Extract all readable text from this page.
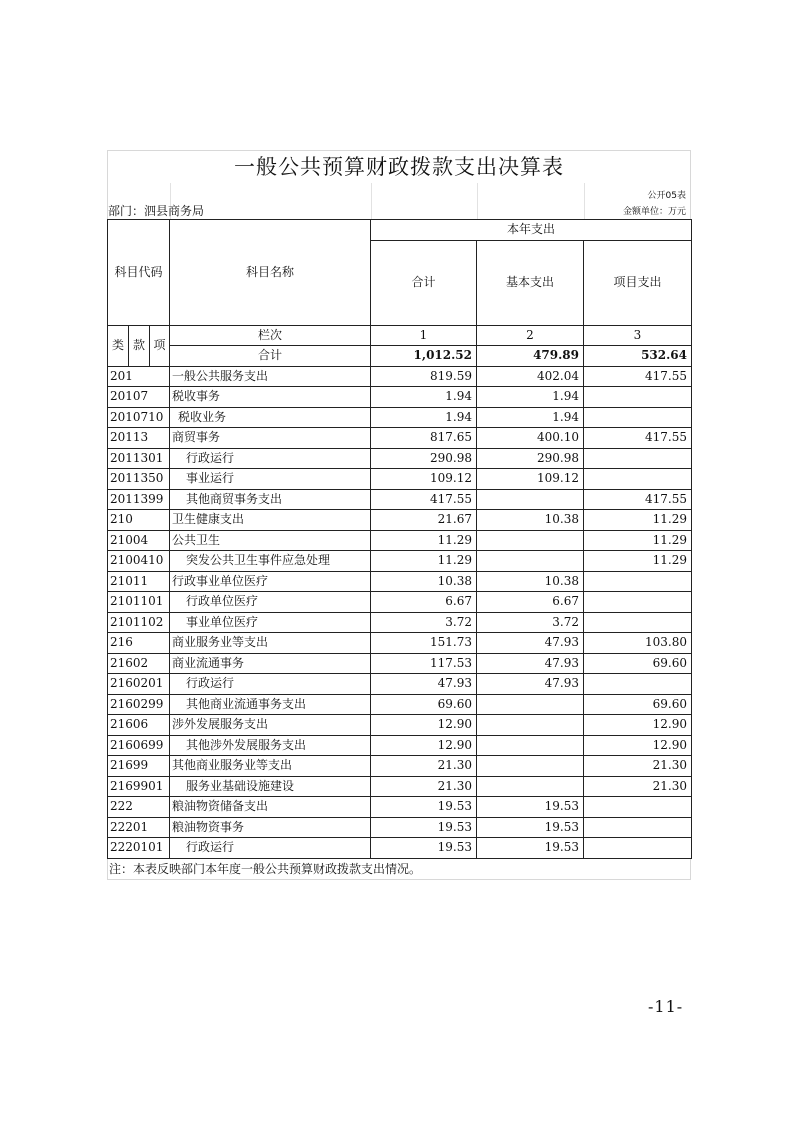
一般公共预算财政拨款支出决算表
公开05表
部门：泗县商务局	金额单位：万元
科目代码			科目名称	本年支出		
				合计	基本支出	项目支出

类	款	项	栏次	1	2	3
			合计	1,012.52	479.89	532.64
201			一般公共服务支出	819.59	402.04	417.55
20107			税收事务	1.94	1.94	
2010710			税收业务	1.94	1.94	
20113			商贸事务	817.65	400.10	417.55
2011301			行政运行	290.98	290.98	
2011350			事业运行	109.12	109.12	
2011399			其他商贸事务支出	417.55		417.55
210			卫生健康支出	21.67	10.38	11.29
21004			公共卫生	11.29		11.29
2100410			突发公共卫生事件应急处理	11.29		11.29
21011			行政事业单位医疗	10.38	10.38	
2101101			行政单位医疗	6.67	6.67	
2101102			事业单位医疗	3.72	3.72	
216			商业服务业等支出	151.73	47.93	103.80
21602			商业流通事务	117.53	47.93	69.60
2160201			行政运行	47.93	47.93	
2160299			其他商业流通事务支出	69.60		69.60
21606			涉外发展服务支出	12.90		12.90
2160699			其他涉外发展服务支出	12.90		12.90
21699			其他商业服务业等支出	21.30		21.30
2169901			服务业基础设施建设	21.30		21.30
222			粮油物资储备支出	19.53	19.53	
22201			粮油物资事务	19.53	19.53	
2220101			行政运行	19.53	19.53	
注：本表反映部门本年度一般公共预算财政拨款支出情况。
-11-
